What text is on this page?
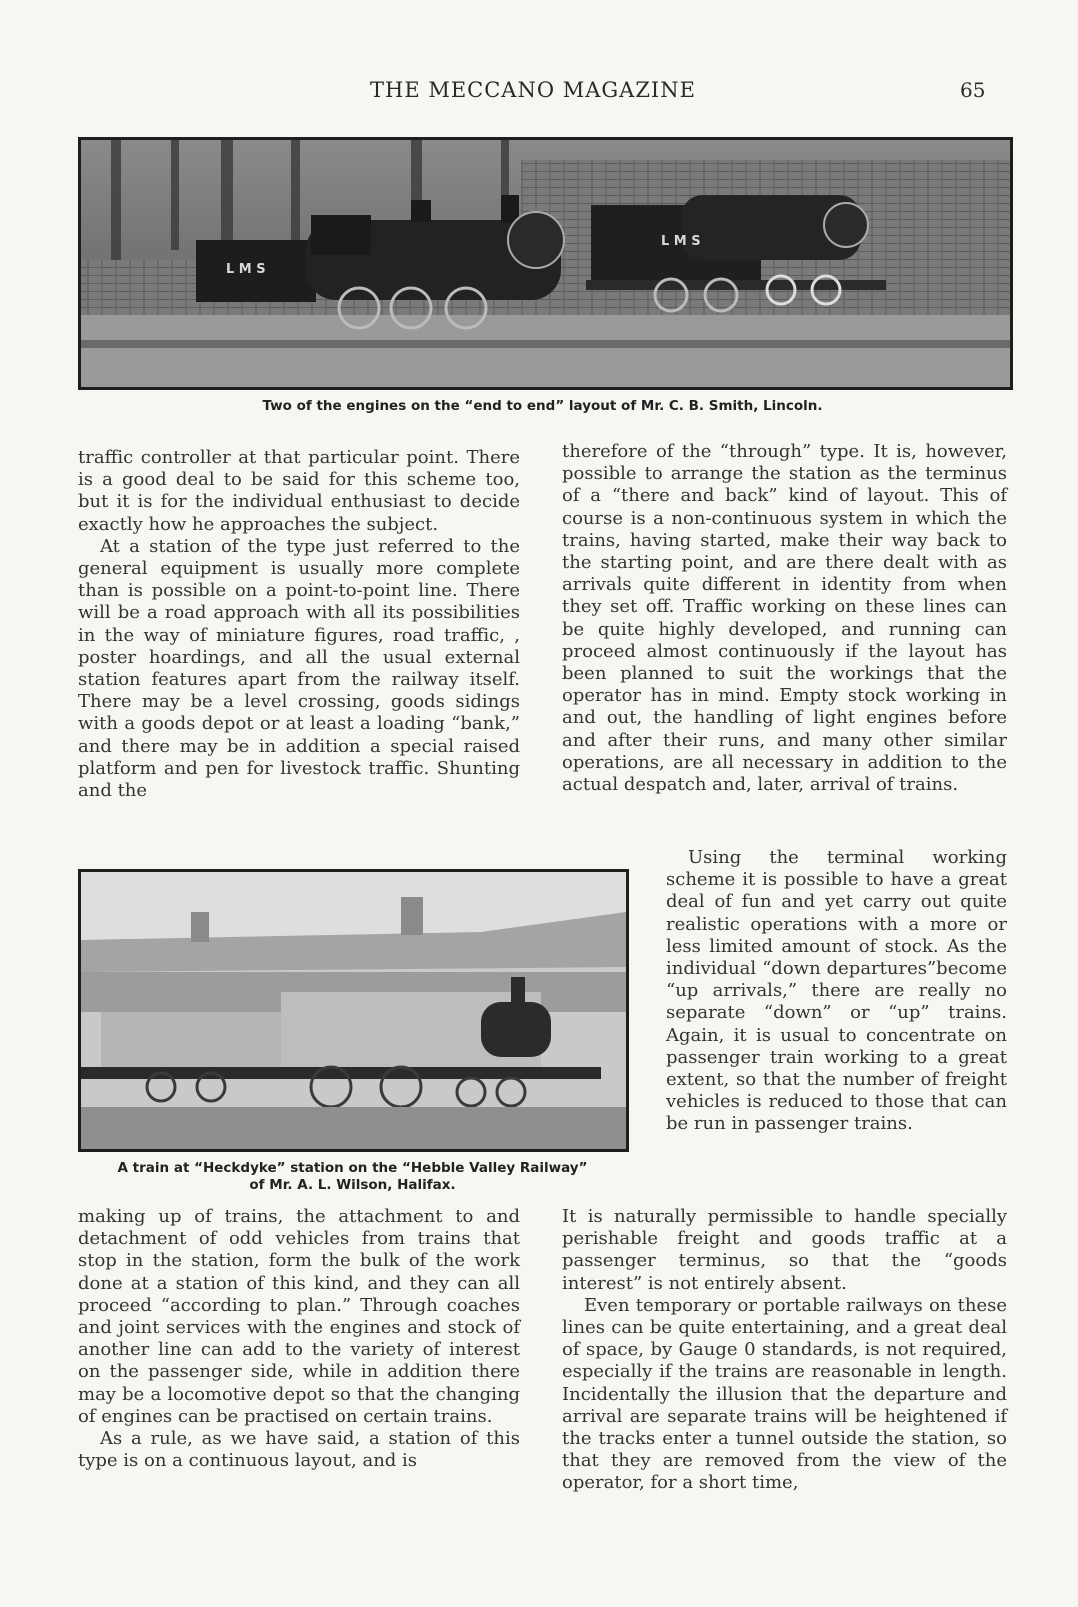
THE MECCANO MAGAZINE	65
L M S
L M S
Two of the engines on the “end to end” layout of Mr. C. B. Smith, Lincoln.

traffic controller at that particular point. There is a good deal to be said for this scheme too, but it is for the individual enthusiast to decide exactly how he approaches the subject.

At a station of the type just referred to the general equipment is usually more complete than is possible on a point-to-point line. There will be a road approach with all its possibilities in the way of miniature figures, road traffic, , poster hoardings, and all the usual external station features apart from the railway itself. There may be a level crossing, goods sidings with a goods depot or at least a loading “bank,” and there may be in addition a special raised platform and pen for livestock traffic. Shunting and the

therefore of the “through” type. It is, however, possible to arrange the station as the terminus of a “there and back” kind of layout. This of course is a non-continuous system in which the trains, having started, make their way back to the starting point, and are there dealt with as arrivals quite different in identity from when they set off. Traffic working on these lines can be quite highly developed, and running can proceed almost continuously if the layout has been planned to suit the workings that the operator has in mind. Empty stock working in and out, the handling of light engines before and after their runs, and many other similar operations, are all necessary in addition to the actual despatch and, later, arrival of trains.

A train at “Heckdyke” station on the “Hebble Valley Railway”
of Mr. A. L. Wilson, Halifax.

Using the terminal working scheme it is possible to have a great deal of fun and yet carry out quite realistic operations with a more or less limited amount of stock. As the individual “down departures”become “up arrivals,” there are really no separate “down” or “up” trains. Again, it is usual to concentrate on passenger train working to a great extent, so that the number of freight vehicles is reduced to those that can be run in passenger trains.

making up of trains, the attachment to and detachment of odd vehicles from trains that stop in the station, form the bulk of the work done at a station of this kind, and they can all proceed “according to plan.” Through coaches and joint services with the engines and stock of another line can add to the variety of interest on the passenger side, while in addition there may be a locomotive depot so that the changing of engines can be practised on certain trains.

As a rule, as we have said, a station of this type is on a continuous layout, and is

It is naturally permissible to handle specially perishable freight and goods traffic at a passenger terminus, so that the “goods interest” is not entirely absent.

Even temporary or portable railways on these lines can be quite entertaining, and a great deal of space, by Gauge 0 standards, is not required, especially if the trains are reasonable in length. Incidentally the illusion that the departure and arrival are separate trains will be heightened if the tracks enter a tunnel outside the station, so that they are removed from the view of the operator, for a short time,
